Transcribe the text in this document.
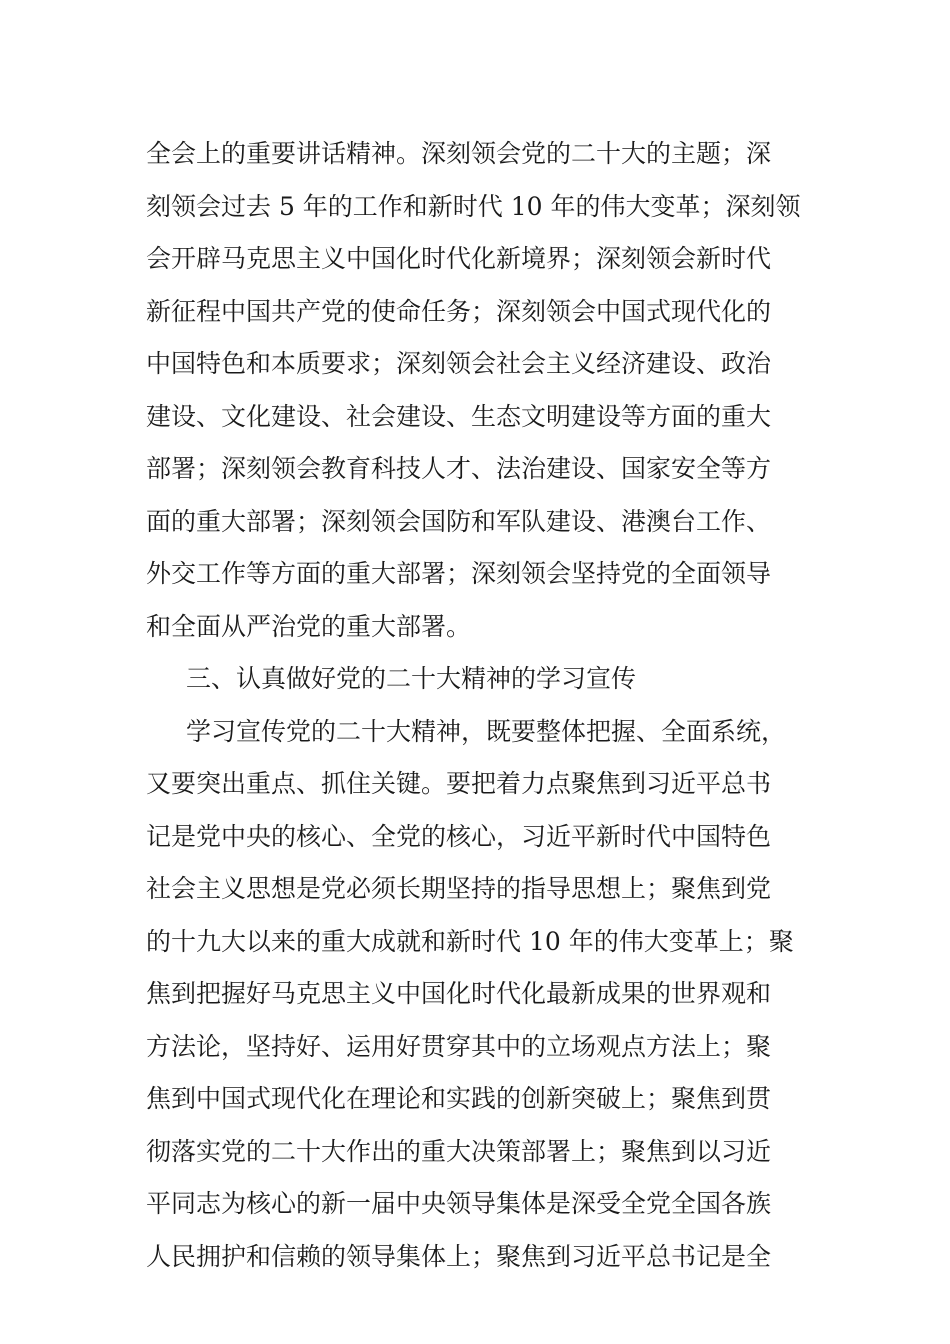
全会上的重要讲话精神。深刻领会党的二十大的主题；深
刻领会过去 5 年的工作和新时代 10 年的伟大变革；深刻领
会开辟马克思主义中国化时代化新境界；深刻领会新时代
新征程中国共产党的使命任务；深刻领会中国式现代化的
中国特色和本质要求；深刻领会社会主义经济建设、政治
建设、文化建设、社会建设、生态文明建设等方面的重大
部署；深刻领会教育科技人才、法治建设、国家安全等方
面的重大部署；深刻领会国防和军队建设、港澳台工作、
外交工作等方面的重大部署；深刻领会坚持党的全面领导
和全面从严治党的重大部署。
三、认真做好党的二十大精神的学习宣传
学习宣传党的二十大精神，既要整体把握、全面系统，
又要突出重点、抓住关键。要把着力点聚焦到习近平总书
记是党中央的核心、全党的核心，习近平新时代中国特色
社会主义思想是党必须长期坚持的指导思想上；聚焦到党
的十九大以来的重大成就和新时代 10 年的伟大变革上；聚
焦到把握好马克思主义中国化时代化最新成果的世界观和
方法论，坚持好、运用好贯穿其中的立场观点方法上；聚
焦到中国式现代化在理论和实践的创新突破上；聚焦到贯
彻落实党的二十大作出的重大决策部署上；聚焦到以习近
平同志为核心的新一届中央领导集体是深受全党全国各族
人民拥护和信赖的领导集体上；聚焦到习近平总书记是全
